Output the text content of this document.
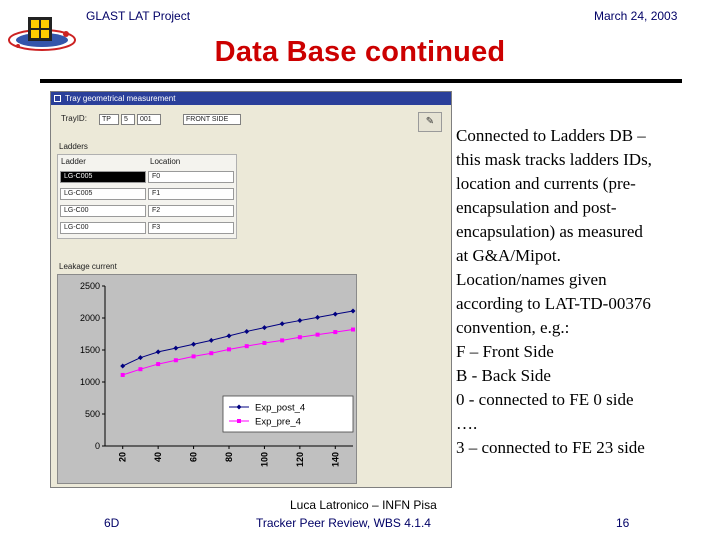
GLAST LAT Project	March 24, 2003
Data Base continued
Tray geometrical measurement
TrayID:	TP	5	001	FRONT SIDE	✎
Ladders
Ladder	Location
LG-C005	F0
LG-C005	F1
LG-C00	F2
LG-C00	F3
Leakage current
0
500
1000
1500
2000
2500
20	40	60	80	100	120	140
Exp_post_4
Exp_pre_4
Connected to Ladders DB –
this mask tracks ladders IDs,
location and currents (pre-
encapsulation and post-
encapsulation) as measured
at G&A/Mipot.
Location/names given
according to LAT-TD-00376
convention, e.g.:
F – Front Side
B - Back Side
0 - connected to FE 0 side
….
3 – connected to FE 23 side
Luca Latronico – INFN Pisa
6D	Tracker Peer Review, WBS 4.1.4	16
